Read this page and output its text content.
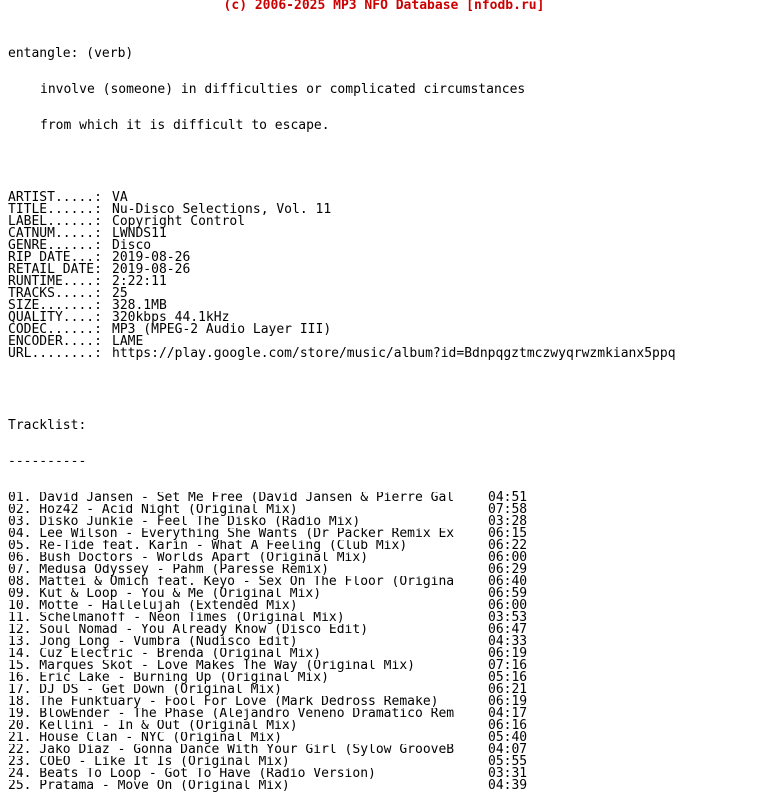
(c) 2006-2025 MP3 NFO Database [nfodb.ru]

entangle: (verb)

involve (someone) in difficulties or complicated circumstances

from which it is difficult to escape.

ARTIST.....: VA
TITLE......: Nu-Disco Selections, Vol. 11
LABEL......: Copyright Control
CATNUM.....: LWNDS11
GENRE......: Disco
RIP DATE...: 2019-08-26
RETAIL DATE: 2019-08-26
RUNTIME....: 2:22:11
TRACKS.....: 25
SIZE.......: 328.1MB
QUALITY....: 320kbps 44.1kHz
CODEC......: MP3 (MPEG-2 Audio Layer III)
ENCODER....: LAME
URL........: https://play.google.com/store/music/album?id=Bdnpqgztmczwyqrwzmkianx5ppq

Tracklist:

----------

01. David Jansen - Set Me Free (David Jansen & Pierre Gal	04:51
02. Hoz42 - Acid Night (Original Mix)	07:58
03. Disko Junkie - Feel The Disko (Radio Mix)	03:28
04. Lee Wilson - Everything She Wants (Dr Packer Remix Ex	06:15
05. Re-Tide feat. Karin - What A Feeling (Club Mix)	06:22
06. Bush Doctors - Worlds Apart (Original Mix)	06:00
07. Medusa Odyssey - Pahm (Paresse Remix)	06:29
08. Mattei & Omich feat. Keyo - Sex On The Floor (Origina	06:40
09. Kut & Loop - You & Me (Original Mix)	06:59
10. Motte - Hallelujah (Extended Mix)	06:00
11. Schelmanoff - Neon Times (Original Mix)	03:53
12. Soul Nomad - You Already Know (Disco Edit)	06:47
13. Jong Long - Vumbra (Nudisco Edit)	04:33
14. Cuz Electric - Brenda (Original Mix)	06:19
15. Marques Skot - Love Makes The Way (Original Mix)	07:16
16. Eric Lake - Burning Up (Original Mix)	05:16
17. DJ DS - Get Down (Original Mix)	06:21
18. The Funktuary - Fool For Love (Mark Dedross Remake)	06:19
19. BlowEnder - The Phase (Alejandro Veneno Dramatico Rem	04:17
20. Kellini - In & Out (Original Mix)	06:16
21. House Clan - NYC (Original Mix)	05:40
22. Jako Diaz - Gonna Dance With Your Girl (Sylow GrooveB	04:07
23. COEO - Like It Is (Original Mix)	05:55
24. Beats To Loop - Got To Have (Radio Version)	03:31
25. Pratama - Move On (Original Mix)	04:39
